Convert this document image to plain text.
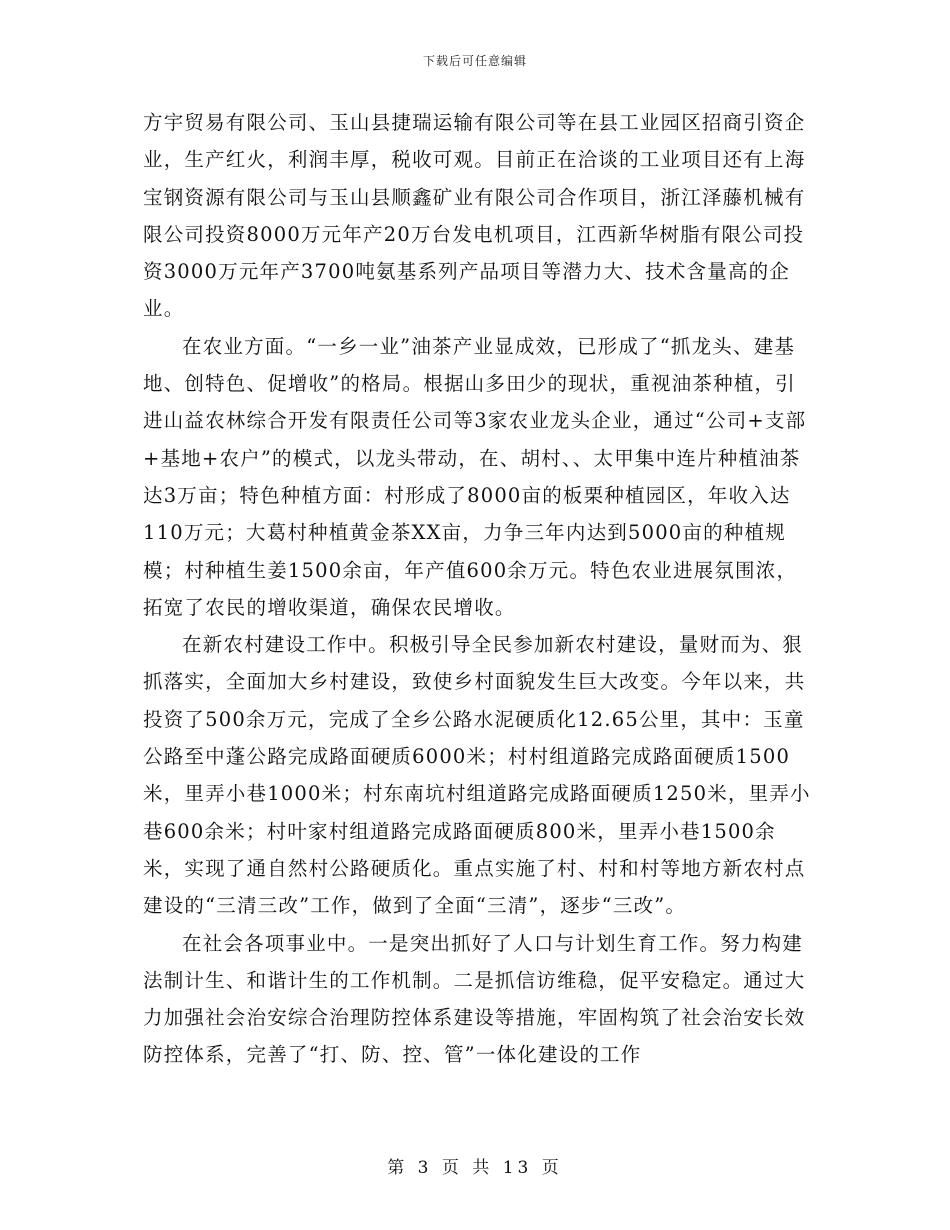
下载后可任意编辑

方宇贸易有限公司、玉山县捷瑞运输有限公司等在县工业园区招商引资企业，生产红火，利润丰厚，税收可观。目前正在洽谈的工业项目还有上海宝钢资源有限公司与玉山县顺鑫矿业有限公司合作项目，浙江泽藤机械有限公司投资8000万元年产20万台发电机项目，江西新华树脂有限公司投资3000万元年产3700吨氨基系列产品项目等潜力大、技术含量高的企业。

在农业方面。“一乡一业”油茶产业显成效，已形成了“抓龙头、建基地、创特色、促增收”的格局。根据山多田少的现状，重视油茶种植，引进山益农林综合开发有限责任公司等3家农业龙头企业，通过“公司+支部+基地+农户”的模式，以龙头带动，在、胡村、、太甲集中连片种植油茶达3万亩；特色种植方面：村形成了8000亩的板栗种植园区，年收入达110万元；大葛村种植黄金茶XX亩，力争三年内达到5000亩的种植规模；村种植生姜1500余亩，年产值600余万元。特色农业进展氛围浓，拓宽了农民的增收渠道，确保农民增收。

在新农村建设工作中。积极引导全民参加新农村建设，量财而为、狠抓落实，全面加大乡村建设，致使乡村面貌发生巨大改变。今年以来，共投资了500余万元，完成了全乡公路水泥硬质化12.65公里，其中：玉童公路至中蓬公路完成路面硬质6000米；村村组道路完成路面硬质1500米，里弄小巷1000米；村东南坑村组道路完成路面硬质1250米，里弄小巷600余米；村叶家村组道路完成路面硬质800米，里弄小巷1500余米，实现了通自然村公路硬质化。重点实施了村、村和村等地方新农村点建设的“三清三改”工作，做到了全面“三清”，逐步“三改”。

在社会各项事业中。一是突出抓好了人口与计划生育工作。努力构建法制计生、和谐计生的工作机制。二是抓信访维稳，促平安稳定。通过大力加强社会治安综合治理防控体系建设等措施，牢固构筑了社会治安长效防控体系，完善了“打、防、控、管”一体化建设的工作

第 3 页 共 13 页
